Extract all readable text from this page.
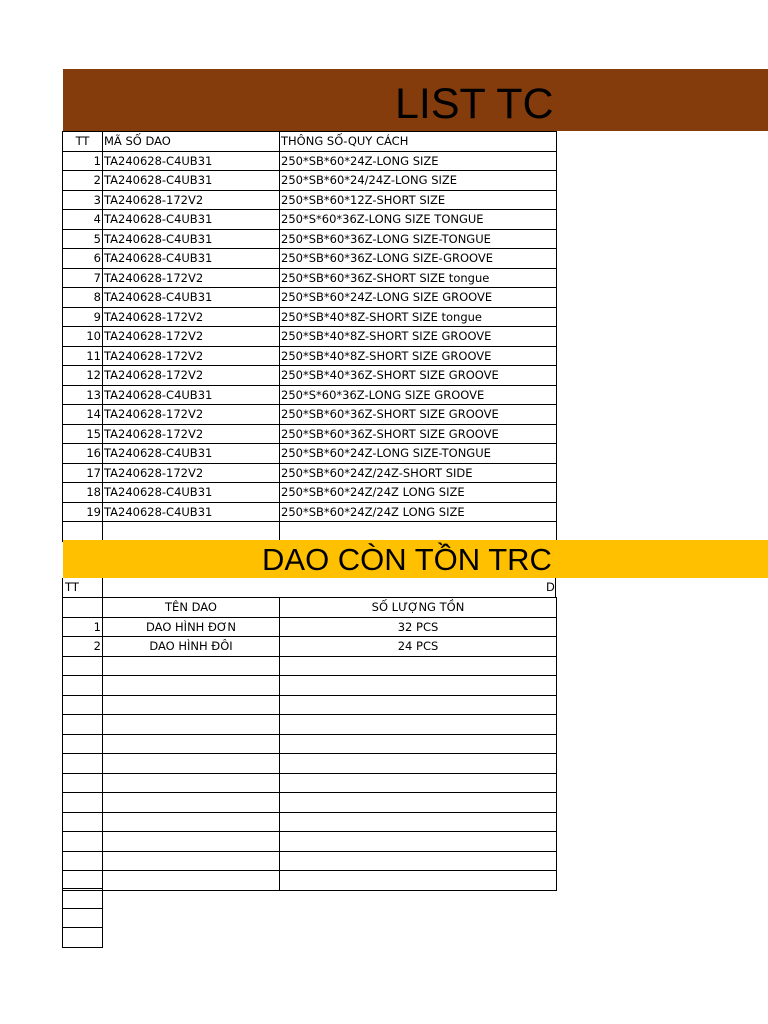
LIST TC
TT	MÃ SỐ DAO	THÔNG SỐ-QUY CÁCH
1	TA240628-C4UB31	250*SB*60*24Z-LONG SIZE
2	TA240628-C4UB31	250*SB*60*24/24Z-LONG SIZE
3	TA240628-172V2	250*SB*60*12Z-SHORT SIZE
4	TA240628-C4UB31	250*S*60*36Z-LONG SIZE TONGUE
5	TA240628-C4UB31	250*SB*60*36Z-LONG SIZE-TONGUE
6	TA240628-C4UB31	250*SB*60*36Z-LONG SIZE-GROOVE
7	TA240628-172V2	250*SB*60*36Z-SHORT SIZE tongue
8	TA240628-C4UB31	250*SB*60*24Z-LONG SIZE GROOVE
9	TA240628-172V2	250*SB*40*8Z-SHORT SIZE tongue
10	TA240628-172V2	250*SB*40*8Z-SHORT SIZE GROOVE
11	TA240628-172V2	250*SB*40*8Z-SHORT SIZE GROOVE
12	TA240628-172V2	250*SB*40*36Z-SHORT SIZE GROOVE
13	TA240628-C4UB31	250*S*60*36Z-LONG SIZE GROOVE
14	TA240628-172V2	250*SB*60*36Z-SHORT SIZE GROOVE
15	TA240628-172V2	250*SB*60*36Z-SHORT SIZE GROOVE
16	TA240628-C4UB31	250*SB*60*24Z-LONG SIZE-TONGUE
17	TA240628-172V2	250*SB*60*24Z/24Z-SHORT SIDE
18	TA240628-C4UB31	250*SB*60*24Z/24Z LONG SIZE
19	TA240628-C4UB31	250*SB*60*24Z/24Z LONG SIZE

DAO CÒN TỒN TRC
TT	D
	TÊN DAO	SỐ LƯỢNG TỒN
1	DAO HÌNH ĐƠN	32 PCS
2	DAO HÌNH ĐÔI	24 PCS
